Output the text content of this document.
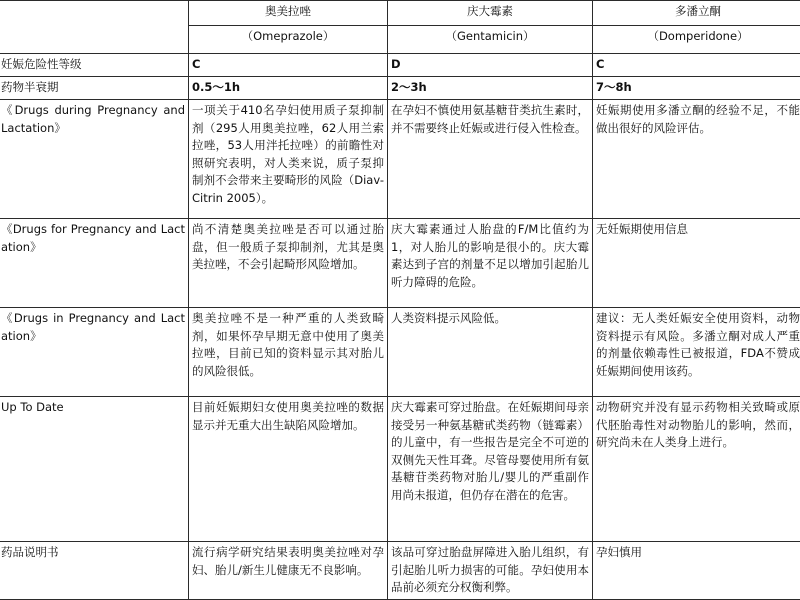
	奥美拉唑	庆大霉素	多潘立酮
	（Omeprazole）	（Gentamicin）	（Domperidone）
妊娠危险性等级	C	D	C
药物半衰期	0.5～1h	2～3h	7～8h
《Drugs during Pregnancy and Lactation》	一项关于410名孕妇使用质子泵抑制剂（295人用奥美拉唑，62人用兰索拉唑，53人用泮托拉唑）的前瞻性对照研究表明，对人类来说，质子泵抑制剂不会带来主要畸形的风险（Diav-Citrin 2005）。	在孕妇不慎使用氨基糖苷类抗生素时，并不需要终止妊娠或进行侵入性检查。	妊娠期使用多潘立酮的经验不足，不能做出很好的风险评估。
《Drugs for Pregnancy and Lactation》	尚不清楚奥美拉唑是否可以通过胎盘，但一般质子泵抑制剂，尤其是奥美拉唑，不会引起畸形风险增加。	庆大霉素通过人胎盘的F/M比值约为1，对人胎儿的影响是很小的。庆大霉素达到子宫的剂量不足以增加引起胎儿听力障碍的危险。	无妊娠期使用信息
《Drugs in Pregnancy and Lactation》	奥美拉唑不是一种严重的人类致畸剂，如果怀孕早期无意中使用了奥美拉唑，目前已知的资料显示其对胎儿的风险很低。	人类资料提示风险低。	建议：无人类妊娠安全使用资料，动物资料提示有风险。多潘立酮对成人严重的剂量依赖毒性已被报道，FDA不赞成妊娠期间使用该药。
Up To Date	目前妊娠期妇女使用奥美拉唑的数据显示并无重大出生缺陷风险增加。	庆大霉素可穿过胎盘。在妊娠期间母亲接受另一种氨基糖甙类药物（链霉素）的儿童中，有一些报告是完全不可逆的双侧先天性耳聋。尽管母婴使用所有氨基糖苷类药物对胎儿/婴儿的严重副作用尚未报道，但仍存在潜在的危害。	动物研究并没有显示药物相关致畸或原代胚胎毒性对动物胎儿的影响，然而，研究尚未在人类身上进行。
药品说明书	流行病学研究结果表明奥美拉唑对孕妇、胎儿/新生儿健康无不良影响。	该品可穿过胎盘屏障进入胎儿组织，有引起胎儿听力损害的可能。孕妇使用本品前必须充分权衡利弊。	孕妇慎用
